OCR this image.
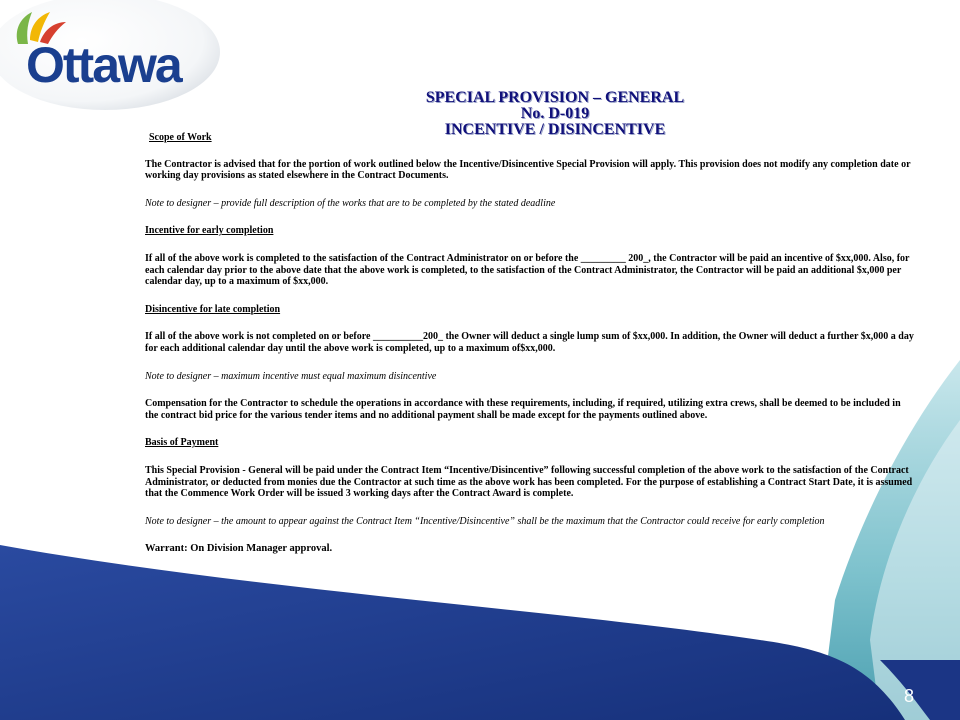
Ottawa
SPECIAL PROVISION – GENERAL
No. D-019
INCENTIVE / DISINCENTIVE

Scope of Work

The Contractor is advised that for the portion of work outlined below the Incentive/Disincentive Special Provision will apply. This provision does not modify any completion date or working day provisions as stated elsewhere in the Contract Documents.

Note to designer – provide full description of the works that are to be completed by the stated deadline

Incentive for early completion

If all of the above work is completed to the satisfaction of the Contract Administrator on or before the _________ 200_, the Contractor will be paid an incentive of $xx,000. Also, for each calendar day prior to the above date that the above work is completed, to the satisfaction of the Contract Administrator, the Contractor will be paid an additional $x,000 per calendar day, up to a maximum of $xx,000.

Disincentive for late completion

If all of the above work is not completed on or before __________200_ the Owner will deduct a single lump sum of $xx,000. In addition, the Owner will deduct a further $x,000 a day for each additional calendar day until the above work is completed, up to a maximum of$xx,000.

Note to designer – maximum incentive must equal maximum disincentive

Compensation for the Contractor to schedule the operations in accordance with these requirements, including, if required, utilizing extra crews, shall be deemed to be included in the contract bid price for the various tender items and no additional payment shall be made except for the payments outlined above.

Basis of Payment

This Special Provision - General will be paid under the Contract Item “Incentive/Disincentive” following successful completion of the above work to the satisfaction of the Contract Administrator, or deducted from monies due the Contractor at such time as the above work has been completed. For the purpose of establishing a Contract Start Date, it is assumed that the Commence Work Order will be issued 3 working days after the Contract Award is complete.

Note to designer – the amount to appear against the Contract Item “Incentive/Disincentive” shall be the maximum that the Contractor could receive for early completion

Warrant: On Division Manager approval.

8
